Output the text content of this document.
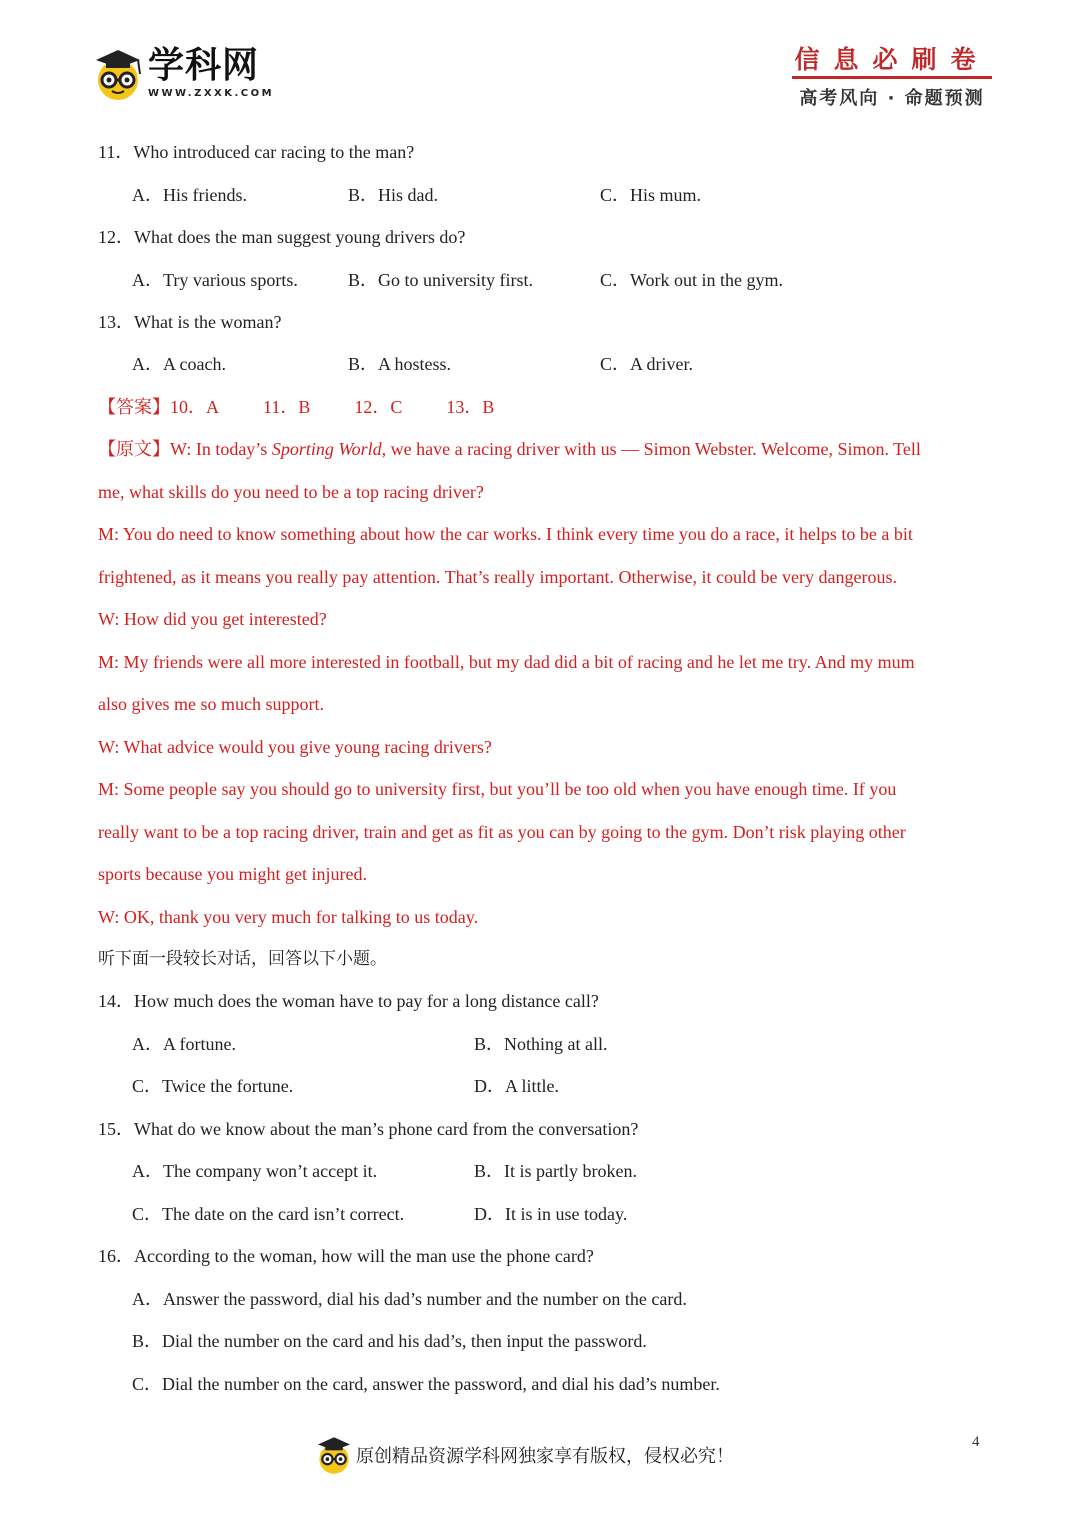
学科网
WWW.ZXXK.COM
信息必刷卷
高考风向 · 命题预测
11．Who introduced car racing to the man?
A．His friends.	B．His dad.	C．His mum.
12．What does the man suggest young drivers do?
A．Try various sports.	B．Go to university first.	C．Work out in the gym.
13．What is the woman?
A．A coach.	B．A hostess.	C．A driver.
【答案】10．A 11．B 12．C 13．B
【原文】W: In today’s Sporting World, we have a racing driver with us — Simon Webster. Welcome, Simon. Tell
me, what skills do you need to be a top racing driver?
M: You do need to know something about how the car works. I think every time you do a race, it helps to be a bit
frightened, as it means you really pay attention. That’s really important. Otherwise, it could be very dangerous.
W: How did you get interested?
M: My friends were all more interested in football, but my dad did a bit of racing and he let me try. And my mum
also gives me so much support.
W: What advice would you give young racing drivers?
M: Some people say you should go to university first, but you’ll be too old when you have enough time. If you
really want to be a top racing driver, train and get as fit as you can by going to the gym. Don’t risk playing other
sports because you might get injured.
W: OK, thank you very much for talking to us today.
听下面一段较长对话，回答以下小题。
14．How much does the woman have to pay for a long distance call?
A．A fortune.	B．Nothing at all.
C．Twice the fortune.	D．A little.
15．What do we know about the man’s phone card from the conversation?
A．The company won’t accept it.	B．It is partly broken.
C．The date on the card isn’t correct.	D．It is in use today.
16．According to the woman, how will the man use the phone card?
A．Answer the password, dial his dad’s number and the number on the card.
B．Dial the number on the card and his dad’s, then input the password.
C．Dial the number on the card, answer the password, and dial his dad’s number.
原创精品资源学科网独家享有版权，侵权必究！
4
